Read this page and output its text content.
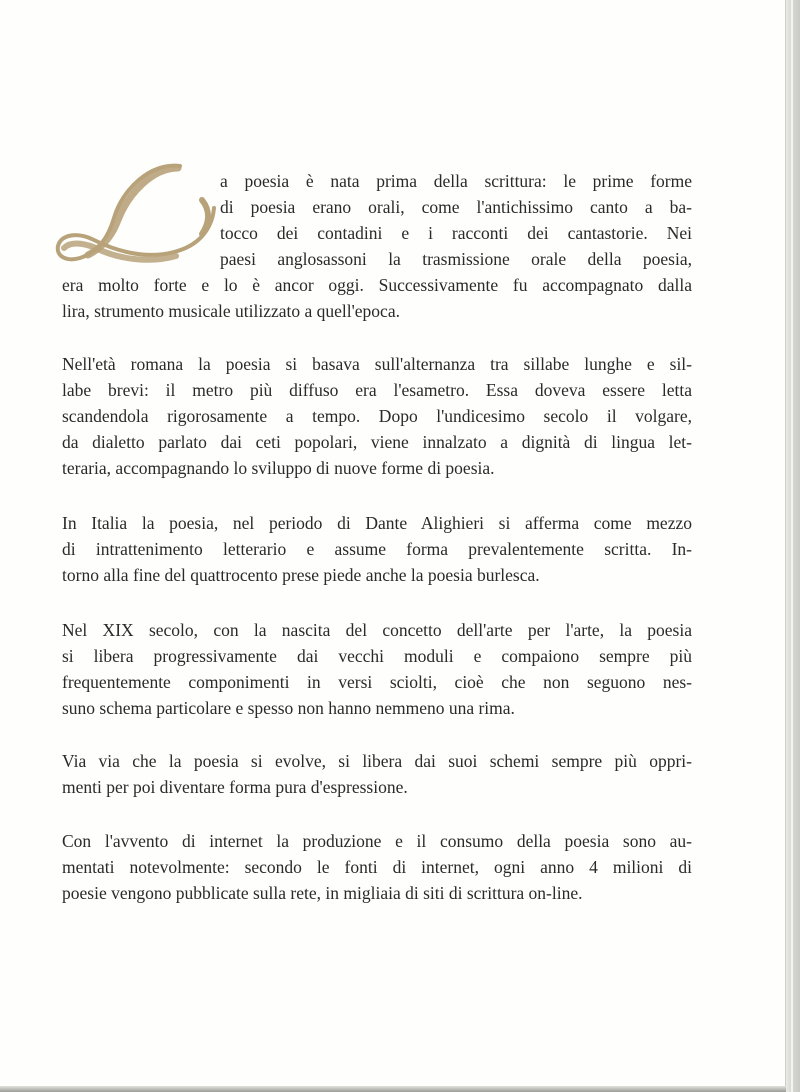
a poesia è nata prima della scrittura: le prime forme
di poesia erano orali, come l'antichissimo canto a ba-
tocco dei contadini e i racconti dei cantastorie. Nei
paesi anglosassoni la trasmissione orale della poesia,
era molto forte e lo è ancor oggi. Successivamente fu accompagnato dalla
lira, strumento musicale utilizzato a quell'epoca.
Nell'età romana la poesia si basava sull'alternanza tra sillabe lunghe e sil-
labe brevi: il metro più diffuso era l'esametro. Essa doveva essere letta
scandendola rigorosamente a tempo. Dopo l'undicesimo secolo il volgare,
da dialetto parlato dai ceti popolari, viene innalzato a dignità di lingua let-
teraria, accompagnando lo sviluppo di nuove forme di poesia.
In Italia la poesia, nel periodo di Dante Alighieri si afferma come mezzo
di intrattenimento letterario e assume forma prevalentemente scritta. In-
torno alla fine del quattrocento prese piede anche la poesia burlesca.
Nel XIX secolo, con la nascita del concetto dell'arte per l'arte, la poesia
si libera progressivamente dai vecchi moduli e compaiono sempre più
frequentemente componimenti in versi sciolti, cioè che non seguono nes-
suno schema particolare e spesso non hanno nemmeno una rima.
Via via che la poesia si evolve, si libera dai suoi schemi sempre più oppri-
menti per poi diventare forma pura d'espressione.
Con l'avvento di internet la produzione e il consumo della poesia sono au-
mentati notevolmente: secondo le fonti di internet, ogni anno 4 milioni di
poesie vengono pubblicate sulla rete, in migliaia di siti di scrittura on-line.
